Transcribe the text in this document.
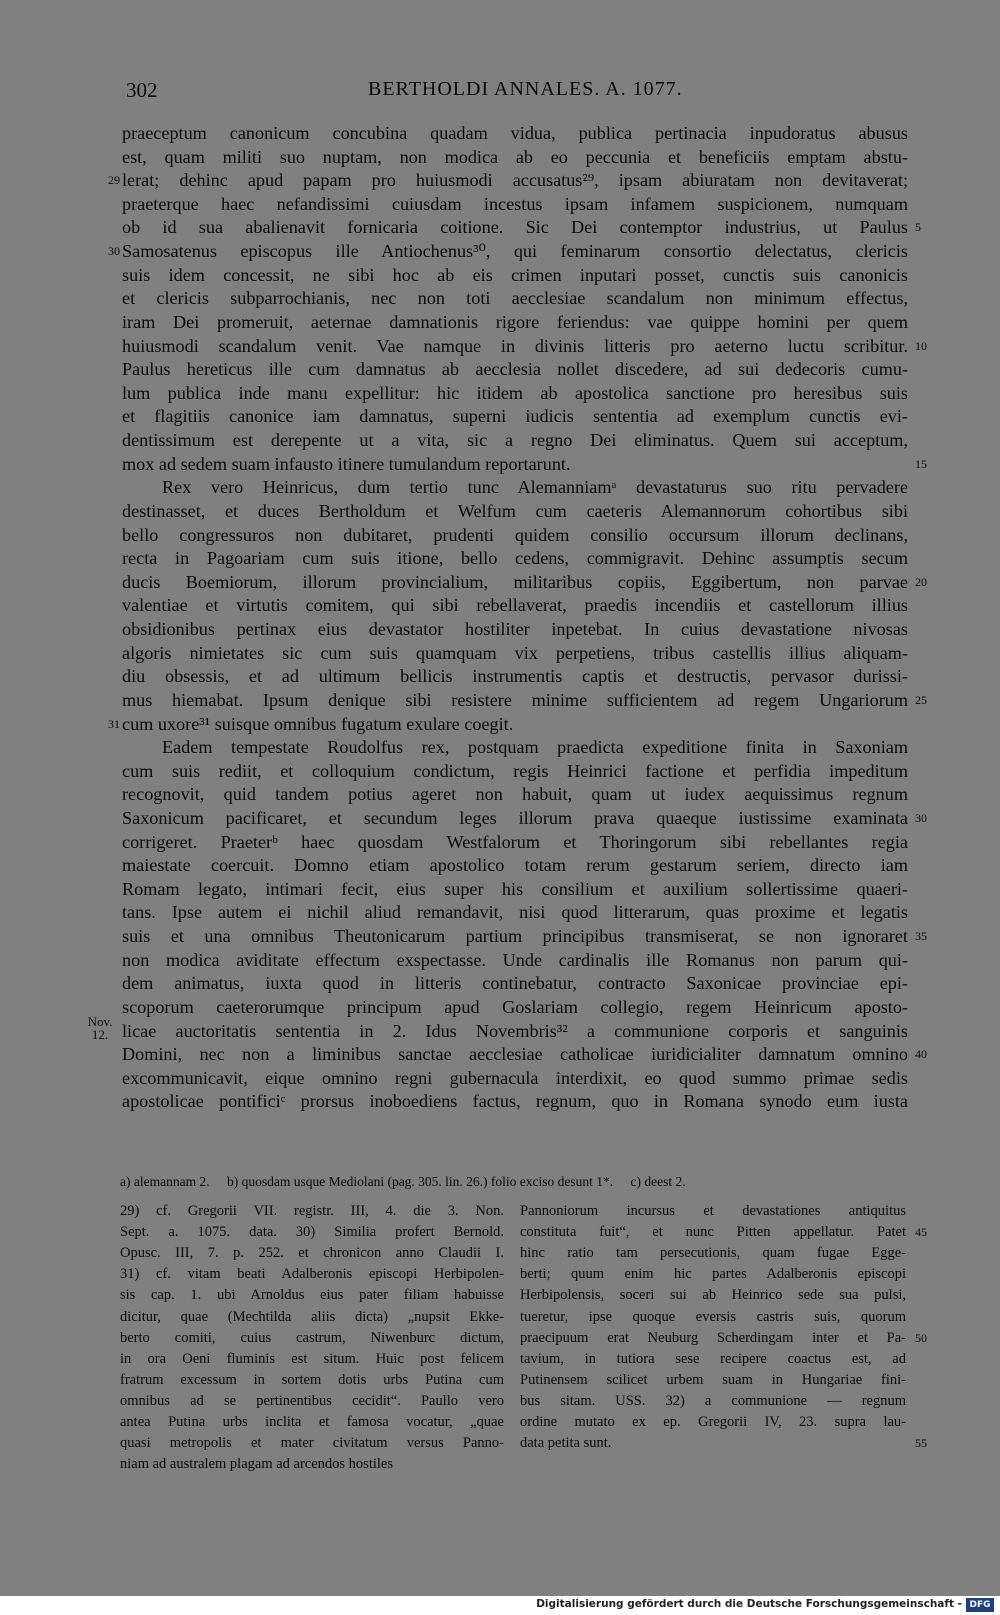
302	BERTHOLDI ANNALES. A. 1077.
praeceptum canonicum concubina quadam vidua, publica pertinacia inpudoratus abusus
est, quam militi suo nuptam, non modica ab eo peccunia et beneficiis emptam abstu-
lerat; dehinc apud papam pro huiusmodi accusatus²⁹, ipsam abiuratam non devitaverat;
29
praeterque haec nefandissimi cuiusdam incestus ipsam infamem suspicionem, numquam
ob id sua abalienavit fornicaria coitione. Sic Dei contemptor industrius, ut Paulus 5
Samosatenus episcopus ille Antiochenus³⁰, qui feminarum consortio delectatus, clericis
30
suis idem concessit, ne sibi hoc ab eis crimen inputari posset, cunctis suis canonicis
et clericis subparrochianis, nec non toti aecclesiae scandalum non minimum effectus,
iram Dei promeruit, aeternae damnationis rigore feriendus: vae quippe homini per quem
huiusmodi scandalum venit. Vae namque in divinis litteris pro aeterno luctu scribitur. 10
Paulus hereticus ille cum damnatus ab aecclesia nollet discedere, ad sui dedecoris cumu-
lum publica inde manu expellitur: hic itidem ab apostolica sanctione pro heresibus suis
et flagitiis canonice iam damnatus, superni iudicis sententia ad exemplum cunctis evi-
dentissimum est derepente ut a vita, sic a regno Dei eliminatus. Quem sui acceptum,
mox ad sedem suam infausto itinere tumulandum reportarunt.	15
Rex vero Heinricus, dum tertio tunc Alemanniamᵃ devastaturus suo ritu pervadere
destinasset, et duces Bertholdum et Welfum cum caeteris Alemannorum cohortibus sibi
bello congressuros non dubitaret, prudenti quidem consilio occursum illorum declinans,
recta in Pagoariam cum suis itione, bello cedens, commigravit. Dehinc assumptis secum
ducis Boemiorum, illorum provincialium, militaribus copiis, Eggibertum, non parvae 20
valentiae et virtutis comitem, qui sibi rebellaverat, praedis incendiis et castellorum illius
obsidionibus pertinax eius devastator hostiliter inpetebat. In cuius devastatione nivosas
algoris nimietates sic cum suis quamquam vix perpetiens, tribus castellis illius aliquam-
diu obsessis, et ad ultimum bellicis instrumentis captis et destructis, pervasor durissi-
mus hiemabat. Ipsum denique sibi resistere minime sufficientem ad regem Ungariorum 25
cum uxore³¹ suisque omnibus fugatum exulare coegit.
31
Eadem tempestate Roudolfus rex, postquam praedicta expeditione finita in Saxoniam
cum suis rediit, et colloquium condictum, regis Heinrici factione et perfidia impeditum
recognovit, quid tandem potius ageret non habuit, quam ut iudex aequissimus regnum
Saxonicum pacificaret, et secundum leges illorum prava quaeque iustissime examinata 30
corrigeret. Praeterᵇ haec quosdam Westfalorum et Thoringorum sibi rebellantes regia
maiestate coercuit. Domno etiam apostolico totam rerum gestarum seriem, directo iam
Romam legato, intimari fecit, eius super his consilium et auxilium sollertissime quaeri-
tans. Ipse autem ei nichil aliud remandavit, nisi quod litterarum, quas proxime et legatis
suis et una omnibus Theutonicarum partium principibus transmiserat, se non ignoraret 35
non modica aviditate effectum exspectasse. Unde cardinalis ille Romanus non parum qui-
dem animatus, iuxta quod in litteris continebatur, contracto Saxonicae provinciae epi-
scoporum caeterorumque principum apud Goslariam collegio, regem Heinricum aposto-
licae auctoritatis sententia in 2. Idus Novembris³² a communione corporis et sanguinis
Nov.
12.
Domini, nec non a liminibus sanctae aecclesiae catholicae iuridicialiter damnatum omnino 40
excommunicavit, eique omnino regni gubernacula interdixit, eo quod summo primae sedis
apostolicae pontificiᶜ prorsus inoboediens factus, regnum, quo in Romana synodo eum iusta
a) alemannam 2. b) quosdam usque Mediolani (pag. 305. lin. 26.) folio exciso desunt 1*. c) deest 2.
29) cf. Gregorii VII. registr. III, 4. die 3. Non.
Sept. a. 1075. data. 30) Similia profert Bernold.
Opusc. III, 7. p. 252. et chronicon anno Claudii I.
31) cf. vitam beati Adalberonis episcopi Herbipolen-
sis cap. 1. ubi Arnoldus eius pater filiam habuisse
dicitur, quae (Mechtilda aliis dicta) „nupsit Ekke-
berto comiti, cuius castrum, Niwenburc dictum,
in ora Oeni fluminis est situm. Huic post felicem
fratrum excessum in sortem dotis urbs Putina cum
omnibus ad se pertinentibus cecidit“. Paullo vero
antea Putina urbs inclita et famosa vocatur, „quae
quasi metropolis et mater civitatum versus Panno-
niam ad australem plagam ad arcendos hostiles
Pannoniorum incursus et devastationes antiquitus
constituta fuit“, et nunc Pitten appellatur. Patet
hinc ratio tam persecutionis, quam fugae Egge-
berti; quum enim hic partes Adalberonis episcopi
Herbipolensis, soceri sui ab Heinrico sede sua pulsi,
tueretur, ipse quoque eversis castris suis, quorum
praecipuum erat Neuburg Scherdingam inter et Pa-
tavium, in tutiora sese recipere coactus est, ad
Putinensem scilicet urbem suam in Hungariae fini-
bus sitam. USS. 32) a communione — regnum
ordine mutato ex ep. Gregorii IV, 23. supra lau-
data petita sunt.
45
50
55
Digitalisierung gefördert durch die Deutsche Forschungsgemeinschaft - DFG
